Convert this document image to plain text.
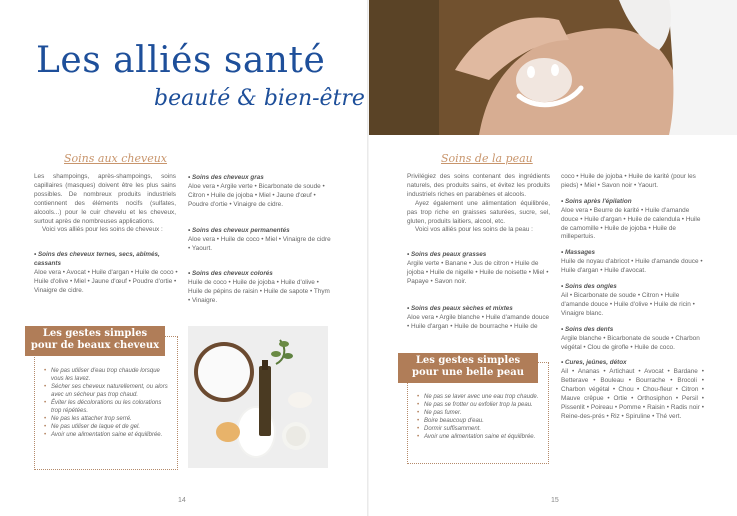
Les alliés santé
beauté & bien-être
Soins aux cheveux

Les shampoings, après-shampoings, soins capillaires (masques) doivent être les plus sains possibles. De nombreux produits industriels contiennent des éléments nocifs (sulfates, alcools...) pour le cuir chevelu et les cheveux, surtout après de nombreuses applications.

Voici vos alliés pour les soins de cheveux :

• Soins des cheveux ternes, secs, abîmés, cassants

Aloe vera • Avocat • Huile d'argan • Huile de coco • Huile d'olive • Miel • Jaune d'œuf • Poudre d'ortie • Vinaigre de cidre.

• Soins des cheveux gras

Aloe vera • Argile verte • Bicarbonate de soude • Citron • Huile de jojoba • Miel • Jaune d'œuf • Poudre d'ortie • Vinaigre de cidre.

• Soins des cheveux permanentés

Aloe vera • Huile de coco • Miel • Vinaigre de cidre • Yaourt.

• Soins des cheveux colorés

Huile de coco • Huile de jojoba • Huile d'olive • Huile de pépins de raisin • Huile de sapote • Thym • Vinaigre.

• Ne pas utiliser d'eau trop chaude lorsque vous les lavez.
• Sécher ses cheveux naturellement, ou alors avec un sécheur pas trop chaud.
• Éviter les décolorations ou les colorations trop répétées.
• Ne pas les attacher trop serré.
• Ne pas utiliser de laque et de gel.
• Avoir une alimentation saine et équilibrée.
Les gestes simples
pour de beaux cheveux
14
Soins de la peau

Privilégiez des soins contenant des ingrédients naturels, des produits sains, et évitez les produits industriels riches en parabènes et alcools.

Ayez également une alimentation équilibrée, pas trop riche en graisses saturées, sucre, sel, gluten, produits laitiers, alcool, etc.

Voici vos alliés pour les soins de la peau :

• Soins des peaux grasses

Argile verte • Banane • Jus de citron • Huile de jojoba • Huile de nigelle • Huile de noisette • Miel • Papaye • Savon noir.

• Soins des peaux sèches et mixtes

Aloe vera • Argile blanche • Huile d'amande douce • Huile d'argan • Huile de bourrache • Huile de

coco • Huile de jojoba • Huile de karité (pour les pieds) • Miel • Savon noir • Yaourt.

• Soins après l'épilation

Aloe vera • Beurre de karité • Huile d'amande douce • Huile d'argan • Huile de calendula • Huile de camomille • Huile de jojoba • Huile de millepertuis.

• Massages

Huile de noyau d'abricot • Huile d'amande douce • Huile d'argan • Huile d'avocat.

• Soins des ongles

Ail • Bicarbonate de soude • Citron • Huile d'amande douce • Huile d'olive • Huile de ricin • Vinaigre blanc.

• Soins des dents

Argile blanche • Bicarbonate de soude • Charbon végétal • Clou de girofle • Huile de coco.

• Cures, jeûnes, détox

Ail • Ananas • Artichaut • Avocat • Bardane • Betterave • Bouleau • Bourrache • Brocoli • Charbon végétal • Chou • Chou-fleur • Citron • Mauve crêpue • Ortie • Orthosiphon • Persil • Pissenlit • Poireau • Pomme • Raisin • Radis noir • Reine-des-prés • Riz • Spiruline • Thé vert.

• Ne pas se laver avec une eau trop chaude.
• Ne pas se frotter ou exfolier trop la peau.
• Ne pas fumer.
• Boire beaucoup d'eau.
• Dormir suffisamment.
• Avoir une alimentation saine et équilibrée.
Les gestes simples
pour une belle peau
15
